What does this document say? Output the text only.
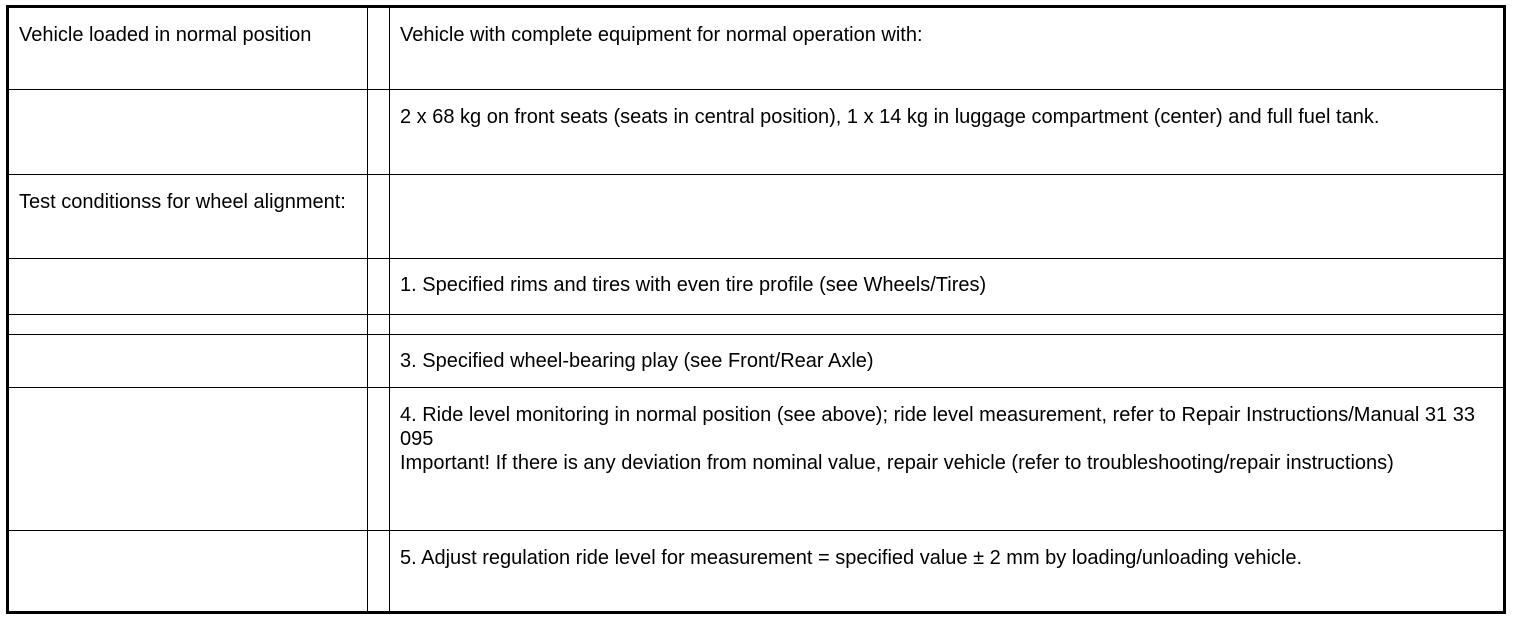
Vehicle loaded in normal position		Vehicle with complete equipment for normal operation with:

		2 x 68 kg on front seats (seats in central position), 1 x 14 kg in luggage compartment (center) and full fuel tank.

Test conditionss for wheel alignment:		

		1. Specified rims and tires with even tire profile (see Wheels/Tires)

		3. Specified wheel-bearing play (see Front/Rear Axle)

		4. Ride level monitoring in normal position (see above); ride level measurement, refer to Repair Instructions/Manual 31 33 095
Important! If there is any deviation from nominal value, repair vehicle (refer to troubleshooting/repair instructions)

		5. Adjust regulation ride level for measurement = specified value ± 2 mm by loading/unloading vehicle.
